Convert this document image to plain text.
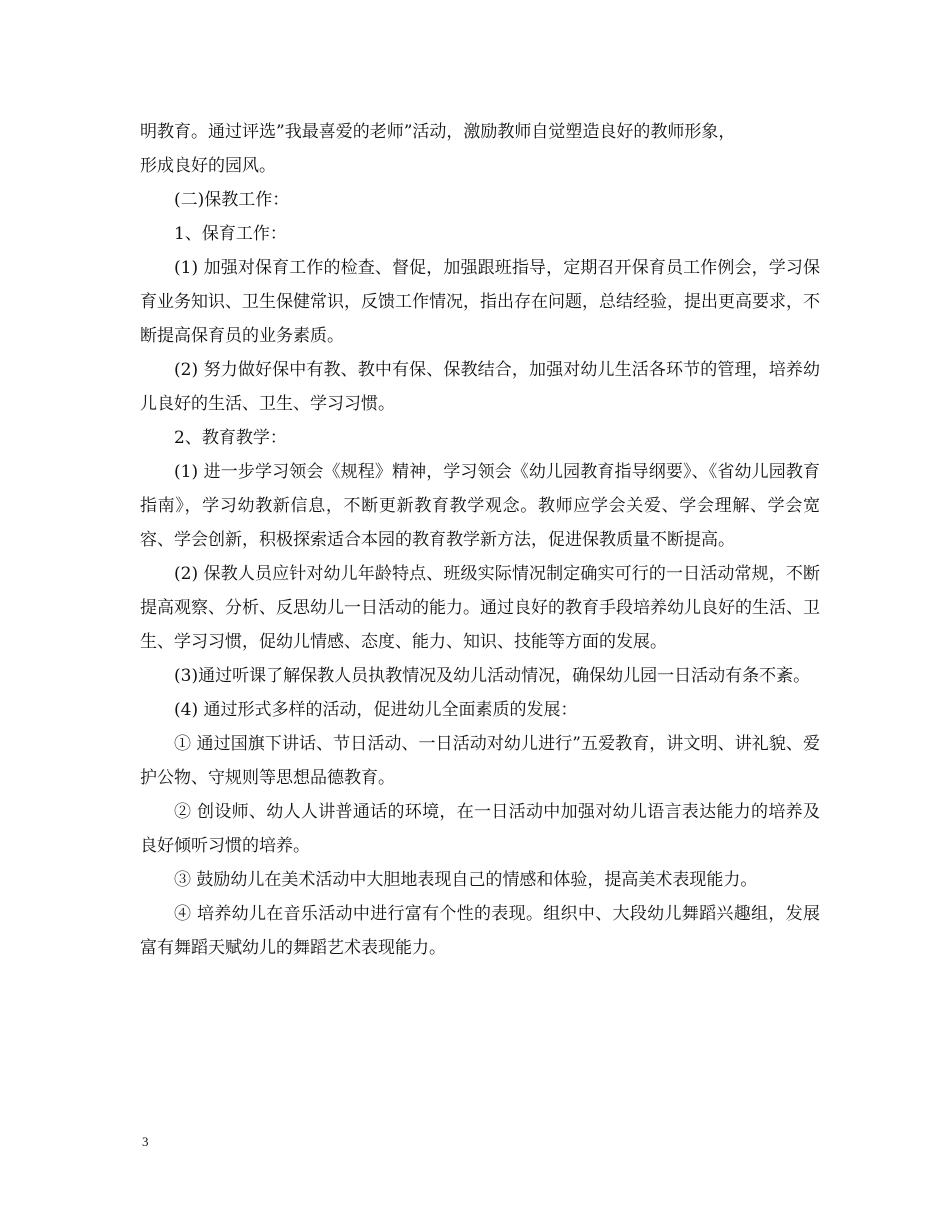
明教育。通过评选”我最喜爱的老师”活动，激励教师自觉塑造良好的教师形象，
形成良好的园风。

(二)保教工作：

1、保育工作：

(1) 加强对保育工作的检查、督促，加强跟班指导，定期召开保育员工作例会，学习保育业务知识、卫生保健常识，反馈工作情况，指出存在问题，总结经验，提出更高要求，不断提高保育员的业务素质。

(2) 努力做好保中有教、教中有保、保教结合，加强对幼儿生活各环节的管理，培养幼儿良好的生活、卫生、学习习惯。

2、教育教学：

(1) 进一步学习领会《规程》精神，学习领会《幼儿园教育指导纲要》、《省幼儿园教育指南》，学习幼教新信息，不断更新教育教学观念。教师应学会关爱、学会理解、学会宽容、学会创新，积极探索适合本园的教育教学新方法，促进保教质量不断提高。

(2) 保教人员应针对幼儿年龄特点、班级实际情况制定确实可行的一日活动常规，不断提高观察、分析、反思幼儿一日活动的能力。通过良好的教育手段培养幼儿良好的生活、卫生、学习习惯，促幼儿情感、态度、能力、知识、技能等方面的发展。

(3)通过听课了解保教人员执教情况及幼儿活动情况，确保幼儿园一日活动有条不紊。

(4) 通过形式多样的活动，促进幼儿全面素质的发展：

① 通过国旗下讲话、节日活动、一日活动对幼儿进行”五爱教育，讲文明、讲礼貌、爱护公物、守规则等思想品德教育。

② 创设师、幼人人讲普通话的环境，在一日活动中加强对幼儿语言表达能力的培养及良好倾听习惯的培养。

③ 鼓励幼儿在美术活动中大胆地表现自己的情感和体验，提高美术表现能力。

④ 培养幼儿在音乐活动中进行富有个性的表现。组织中、大段幼儿舞蹈兴趣组，发展富有舞蹈天赋幼儿的舞蹈艺术表现能力。

3
